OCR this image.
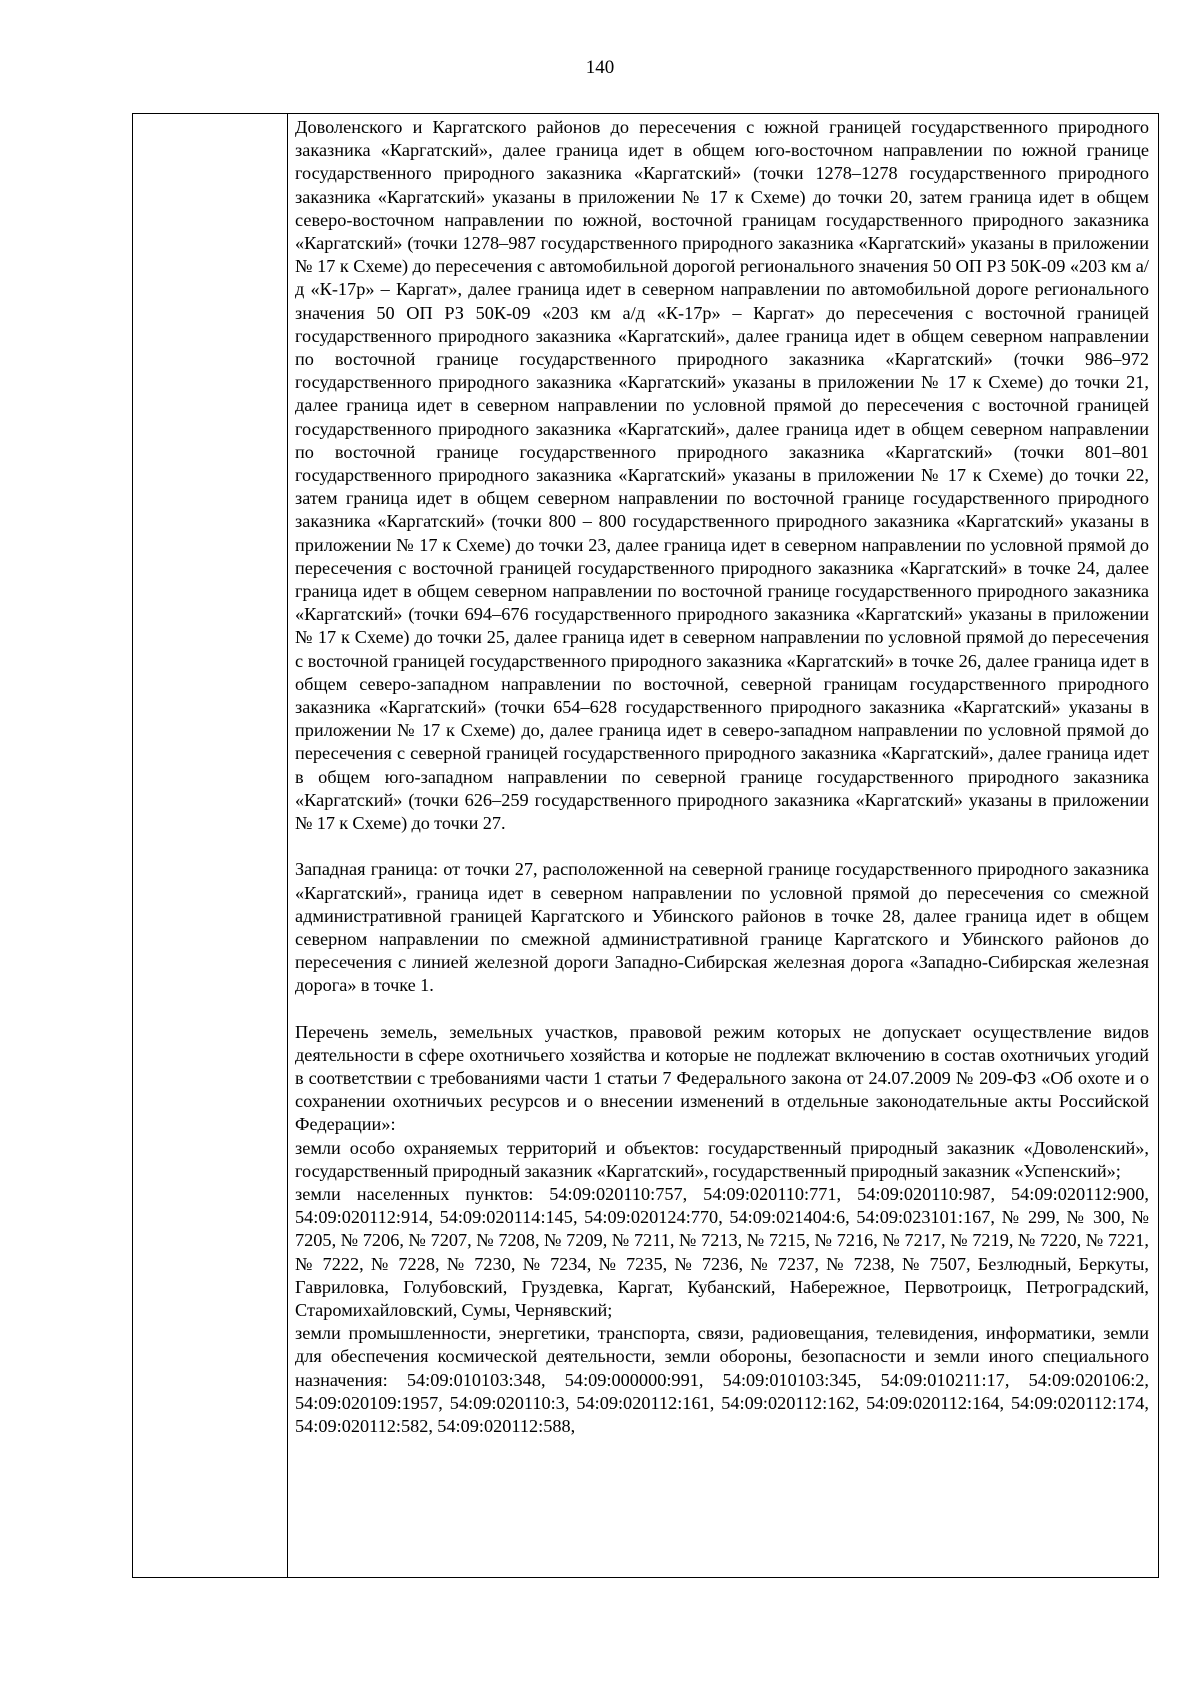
140

Доволенского и Каргатского районов до пересечения с южной границей государственного природного заказника «Каргатский», далее граница идет в общем юго-восточном направлении по южной границе государственного природного заказника «Каргатский» (точки 1278–1278 государственного природного заказника «Каргатский» указаны в приложении № 17 к Схеме) до точки 20, затем граница идет в общем северо-восточном направлении по южной, восточной границам государственного природного заказника «Каргатский» (точки 1278–987 государственного природного заказника «Каргатский» указаны в приложении № 17 к Схеме) до пересечения с автомобильной дорогой регионального значения 50 ОП РЗ 50К-09 «203 км а/д «К-17р» – Каргат», далее граница идет в северном направлении по автомобильной дороге регионального значения 50 ОП РЗ 50К-09 «203 км а/д «К-17р» – Каргат» до пересечения с восточной границей государственного природного заказника «Каргатский», далее граница идет в общем северном направлении по восточной границе государственного природного заказника «Каргатский» (точки 986–972 государственного природного заказника «Каргатский» указаны в приложении № 17 к Схеме) до точки 21, далее граница идет в северном направлении по условной прямой до пересечения с восточной границей государственного природного заказника «Каргатский», далее граница идет в общем северном направлении по восточной границе государственного природного заказника «Каргатский» (точки 801–801 государственного природного заказника «Каргатский» указаны в приложении № 17 к Схеме) до точки 22, затем граница идет в общем северном направлении по восточной границе государственного природного заказника «Каргатский» (точки 800 – 800 государственного природного заказника «Каргатский» указаны в приложении № 17 к Схеме) до точки 23, далее граница идет в северном направлении по условной прямой до пересечения с восточной границей государственного природного заказника «Каргатский» в точке 24, далее граница идет в общем северном направлении по восточной границе государственного природного заказника «Каргатский» (точки 694–676 государственного природного заказника «Каргатский» указаны в приложении № 17 к Схеме) до точки 25, далее граница идет в северном направлении по условной прямой до пересечения с восточной границей государственного природного заказника «Каргатский» в точке 26, далее граница идет в общем северо-западном направлении по восточной, северной границам государственного природного заказника «Каргатский» (точки 654–628 государственного природного заказника «Каргатский» указаны в приложении № 17 к Схеме) до, далее граница идет в северо-западном направлении по условной прямой до пересечения с северной границей государственного природного заказника «Каргатский», далее граница идет в общем юго-западном направлении по северной границе государственного природного заказника «Каргатский» (точки 626–259 государственного природного заказника «Каргатский» указаны в приложении № 17 к Схеме) до точки 27.

Западная граница: от точки 27, расположенной на северной границе государственного природного заказника «Каргатский», граница идет в северном направлении по условной прямой до пересечения со смежной административной границей Каргатского и Убинского районов в точке 28, далее граница идет в общем северном направлении по смежной административной границе Каргатского и Убинского районов до пересечения с линией железной дороги Западно-Сибирская железная дорога «Западно-Сибирская железная дорога» в точке 1.

Перечень земель, земельных участков, правовой режим которых не допускает осуществление видов деятельности в сфере охотничьего хозяйства и которые не подлежат включению в состав охотничьих угодий в соответствии с требованиями части 1 статьи 7 Федерального закона от 24.07.2009 № 209-ФЗ «Об охоте и о сохранении охотничьих ресурсов и о внесении изменений в отдельные законодательные акты Российской Федерации»:

земли особо охраняемых территорий и объектов: государственный природный заказник «Доволенский», государственный природный заказник «Каргатский», государственный природный заказник «Успенский»;

земли населенных пунктов: 54:09:020110:757, 54:09:020110:771, 54:09:020110:987, 54:09:020112:900, 54:09:020112:914, 54:09:020114:145, 54:09:020124:770, 54:09:021404:6, 54:09:023101:167, № 299, № 300, № 7205, № 7206, № 7207, № 7208, № 7209, № 7211, № 7213, № 7215, № 7216, № 7217, № 7219, № 7220, № 7221, № 7222, № 7228, № 7230, № 7234, № 7235, № 7236, № 7237, № 7238, № 7507, Безлюдный, Беркуты, Гавриловка, Голубовский, Груздевка, Каргат, Кубанский, Набережное, Первотроицк, Петроградский, Старомихайловский, Сумы, Чернявский;

земли промышленности, энергетики, транспорта, связи, радиовещания, телевидения, информатики, земли для обеспечения космической деятельности, земли обороны, безопасности и земли иного специального назначения: 54:09:010103:348, 54:09:000000:991, 54:09:010103:345, 54:09:010211:17, 54:09:020106:2, 54:09:020109:1957, 54:09:020110:3, 54:09:020112:161, 54:09:020112:162, 54:09:020112:164, 54:09:020112:174, 54:09:020112:582, 54:09:020112:588,
